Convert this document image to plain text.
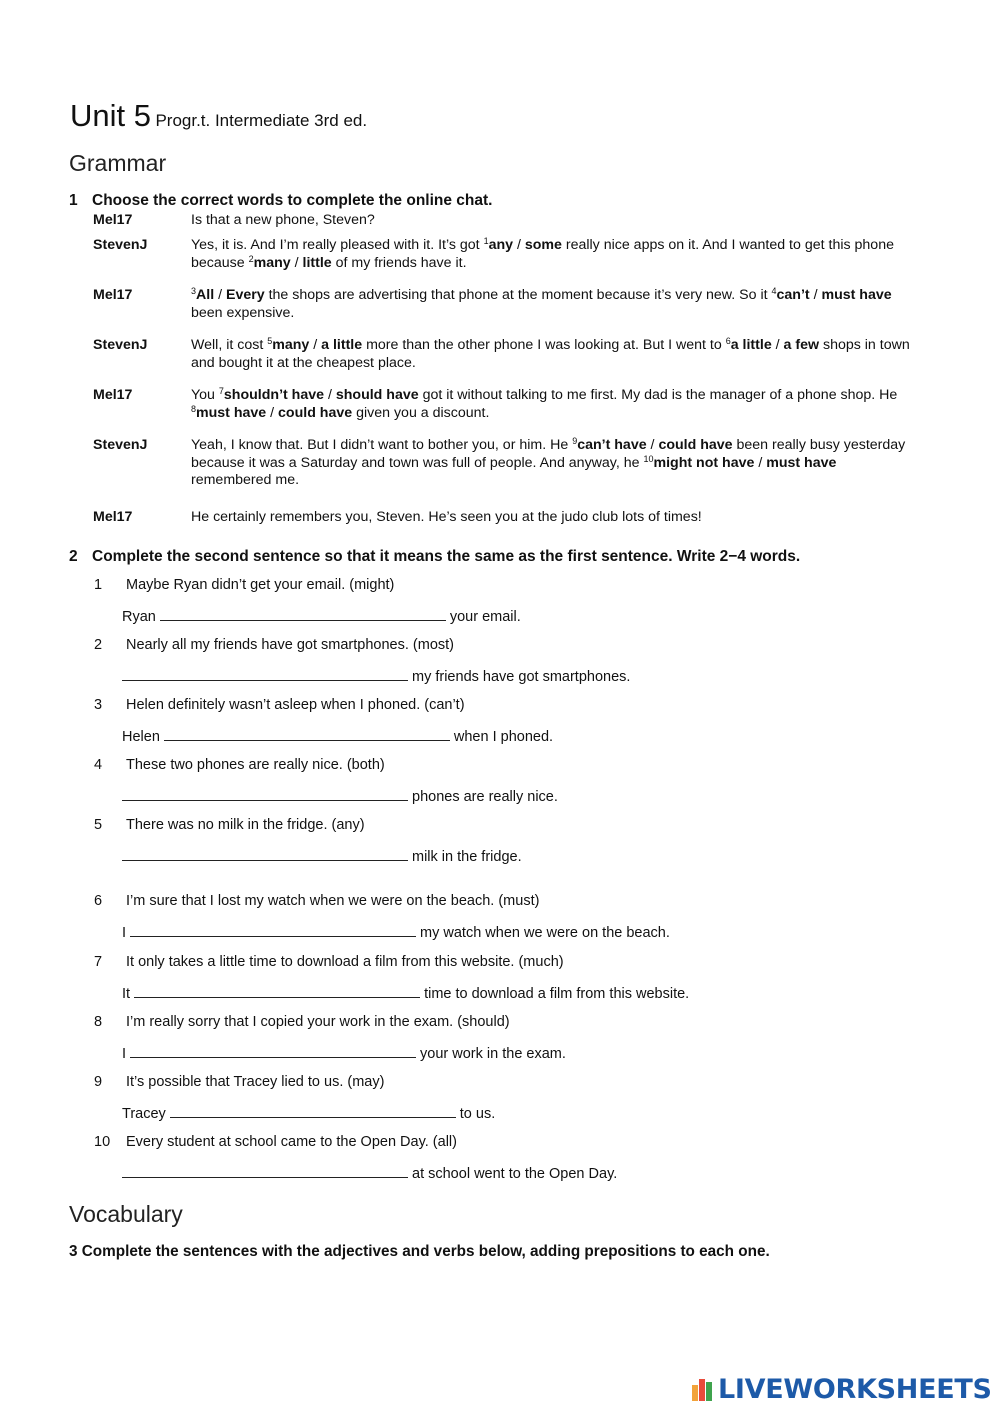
Unit 5 Progr.t. Intermediate 3rd ed.
Grammar
1 Choose the correct words to complete the online chat.
Mel17	Is that a new phone, Steven?
StevenJ	Yes, it is. And I’m really pleased with it. It’s got $^1$any / some really nice apps on it. And I wanted to get this phone because $^2$many / little of my friends have it.
Mel17	$^3$All / Every the shops are advertising that phone at the moment because it’s very new. So it $^4$can’t / must have been expensive.
StevenJ	Well, it cost $^5$many / a little more than the other phone I was looking at. But I went to $^6$a little / a few shops in town and bought it at the cheapest place.
Mel17	You $^7$shouldn’t have / should have got it without talking to me first. My dad is the manager of a phone shop. He $^8$must have / could have given you a discount.
StevenJ	Yeah, I know that. But I didn’t want to bother you, or him. He $^9$can’t have / could have been really busy yesterday because it was a Saturday and town was full of people. And anyway, he $^{10}$might not have / must have remembered me.
Mel17	He certainly remembers you, Steven. He’s seen you at the judo club lots of times!
2 Complete the second sentence so that it means the same as the first sentence. Write 2−4 words.
1 Maybe Ryan didn’t get your email. (might)
Ryan	your email.
2 Nearly all my friends have got smartphones. (most)
my friends have got smartphones.
3 Helen definitely wasn’t asleep when I phoned. (can’t)
Helen	when I phoned.
4 These two phones are really nice. (both)
phones are really nice.
5 There was no milk in the fridge. (any)
milk in the fridge.
6 I’m sure that I lost my watch when we were on the beach. (must)
I	my watch when we were on the beach.
7 It only takes a little time to download a film from this website. (much)
It	time to download a film from this website.
8 I’m really sorry that I copied your work in the exam. (should)
I	your work in the exam.
9 It’s possible that Tracey lied to us. (may)
Tracey	to us.
10 Every student at school came to the Open Day. (all)
at school went to the Open Day.
Vocabulary
3 Complete the sentences with the adjectives and verbs below, adding prepositions to each one.
LIVEWORKSHEETS
